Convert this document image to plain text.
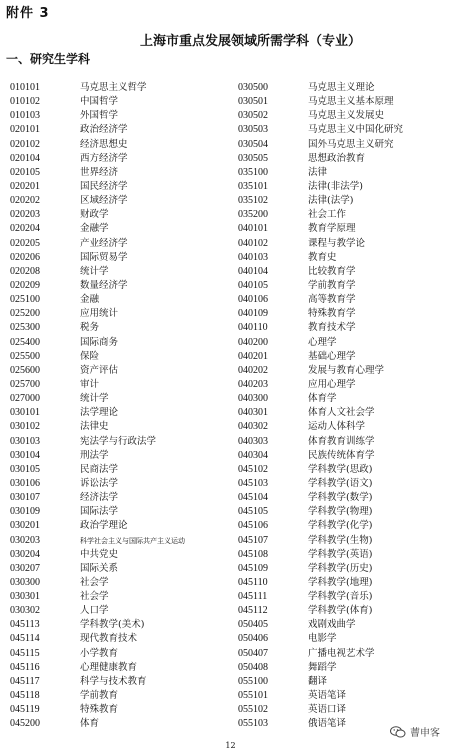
附件 3
上海市重点发展领域所需学科（专业）
一、研究生学科
010101	马克思主义哲学
010102	中国哲学
010103	外国哲学
020101	政治经济学
020102	经济思想史
020104	西方经济学
020105	世界经济
020201	国民经济学
020202	区域经济学
020203	财政学
020204	金融学
020205	产业经济学
020206	国际贸易学
020208	统计学
020209	数量经济学
025100	金融
025200	应用统计
025300	税务
025400	国际商务
025500	保险
025600	资产评估
025700	审计
027000	统计学
030101	法学理论
030102	法律史
030103	宪法学与行政法学
030104	刑法学
030105	民商法学
030106	诉讼法学
030107	经济法学
030109	国际法学
030201	政治学理论
030203	科学社会主义与国际共产主义运动
030204	中共党史
030207	国际关系
030300	社会学
030301	社会学
030302	人口学
045113	学科教学(美术)
045114	现代教育技术
045115	小学教育
045116	心理健康教育
045117	科学与技术教育
045118	学前教育
045119	特殊教育
045200	体育
030500	马克思主义理论
030501	马克思主义基本原理
030502	马克思主义发展史
030503	马克思主义中国化研究
030504	国外马克思主义研究
030505	思想政治教育
035100	法律
035101	法律(非法学)
035102	法律(法学)
035200	社会工作
040101	教育学原理
040102	课程与教学论
040103	教育史
040104	比较教育学
040105	学前教育学
040106	高等教育学
040109	特殊教育学
040110	教育技术学
040200	心理学
040201	基础心理学
040202	发展与教育心理学
040203	应用心理学
040300	体育学
040301	体育人文社会学
040302	运动人体科学
040303	体育教育训练学
040304	民族传统体育学
045102	学科教学(思政)
045103	学科教学(语文)
045104	学科教学(数学)
045105	学科教学(物理)
045106	学科教学(化学)
045107	学科教学(生物)
045108	学科教学(英语)
045109	学科教学(历史)
045110	学科教学(地理)
045111	学科教学(音乐)
045112	学科教学(体育)
050405	戏剧戏曲学
050406	电影学
050407	广播电视艺术学
050408	舞蹈学
055100	翻译
055101	英语笔译
055102	英语口译
055103	俄语笔译
12
蓸申客
